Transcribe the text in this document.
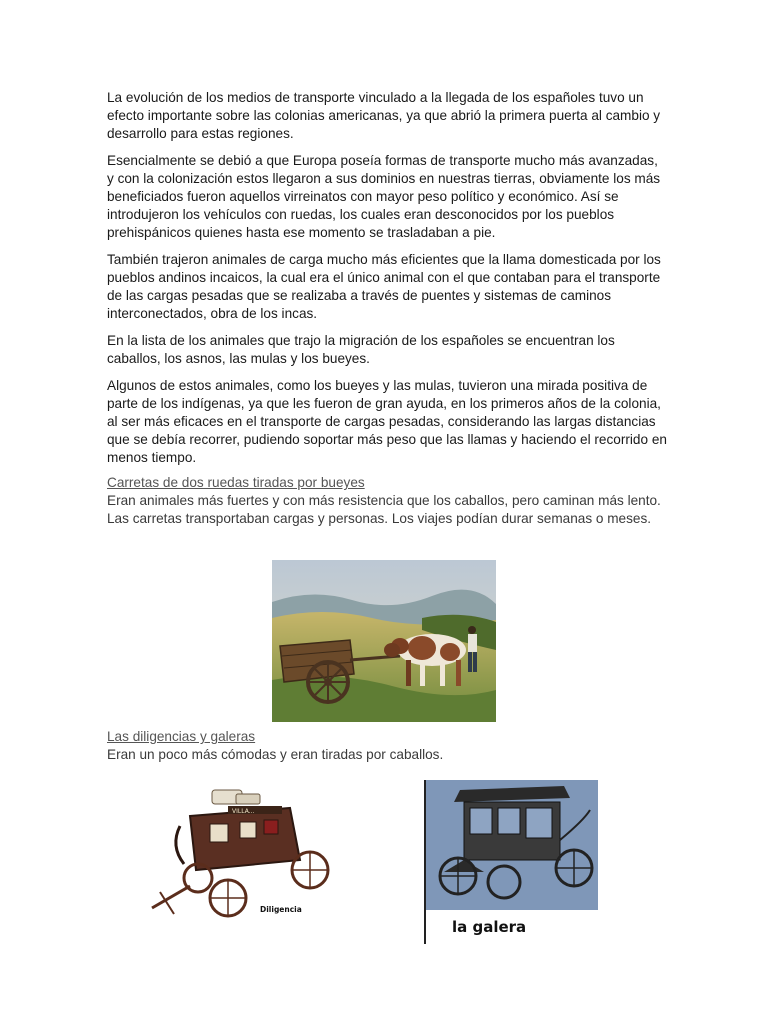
La evolución de los medios de transporte vinculado a la llegada de los españoles tuvo un efecto importante sobre las colonias americanas, ya que abrió la primera puerta al cambio y desarrollo para estas regiones.

Esencialmente se debió a que Europa poseía formas de transporte mucho más avanzadas, y con la colonización estos llegaron a sus dominios en nuestras tierras, obviamente los más beneficiados fueron aquellos virreinatos con mayor peso político y económico. Así se introdujeron los vehículos con ruedas, los cuales eran desconocidos por los pueblos prehispánicos quienes hasta ese momento se trasladaban a pie.

También trajeron animales de carga mucho más eficientes que la llama domesticada por los pueblos andinos incaicos, la cual era el único animal con el que contaban para el transporte de las cargas pesadas que se realizaba a través de puentes y sistemas de caminos interconectados, obra de los incas.

En la lista de los animales que trajo la migración de los españoles se encuentran los caballos, los asnos, las mulas y los bueyes.

Algunos de estos animales, como los bueyes y las mulas, tuvieron una mirada positiva de parte de los indígenas, ya que les fueron de gran ayuda, en los primeros años de la colonia, al ser más eficaces en el transporte de cargas pesadas, considerando las largas distancias que se debía recorrer, pudiendo soportar más peso que las llamas y haciendo el recorrido en menos tiempo.

Carretas de dos ruedas tiradas por bueyes
Eran animales más fuertes y con más resistencia que los caballos, pero caminan más lento. Las carretas transportaban cargas y personas. Los viajes podían durar semanas o meses.
Las diligencias y galeras
Eran un poco más cómodas y eran tiradas por caballos.
VILLA...
Diligencia
la galera
